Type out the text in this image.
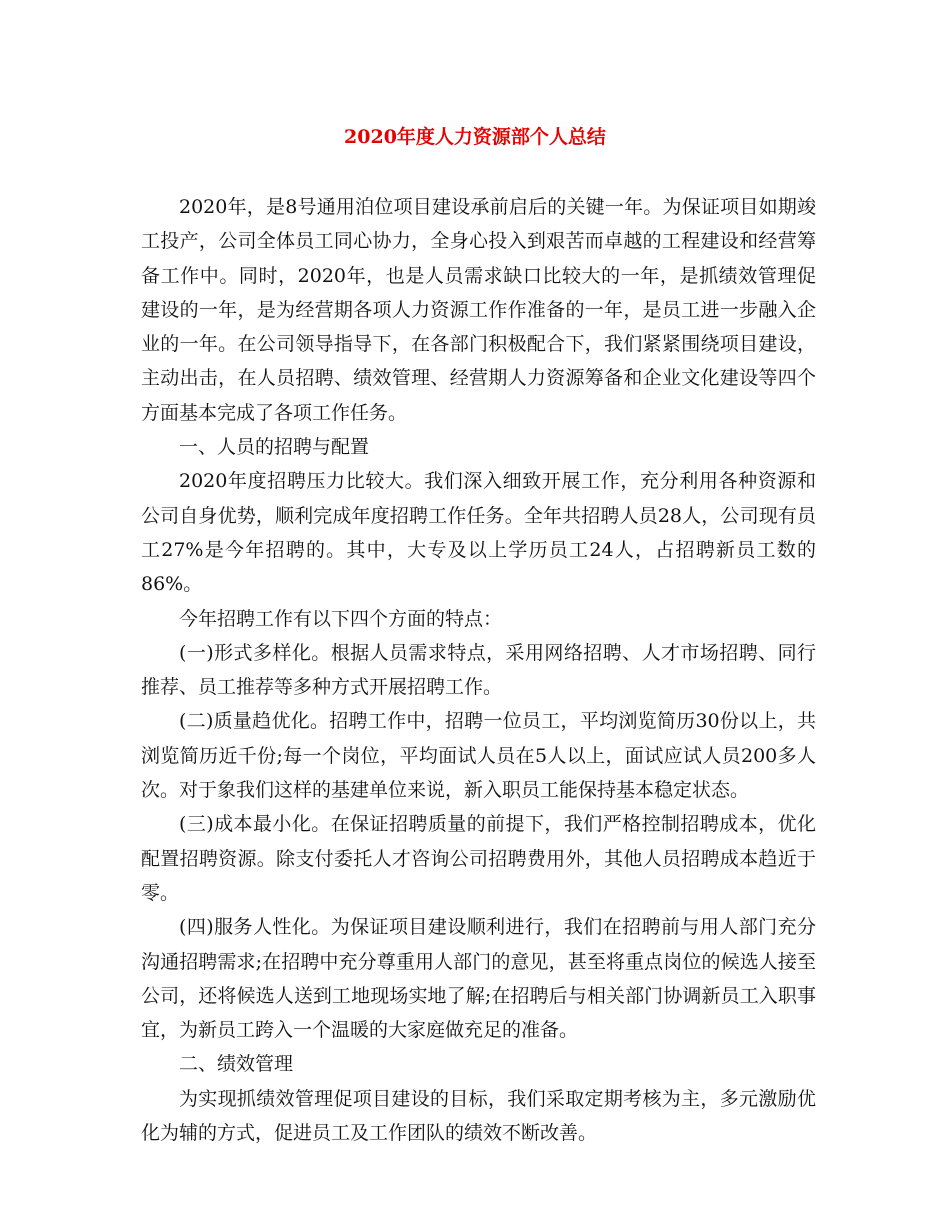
2020年度人力资源部个人总结

2020年，是8号通用泊位项目建设承前启后的关键一年。为保证项目如期竣工投产，公司全体员工同心协力，全身心投入到艰苦而卓越的工程建设和经营筹备工作中。同时，2020年，也是人员需求缺口比较大的一年，是抓绩效管理促建设的一年，是为经营期各项人力资源工作作准备的一年，是员工进一步融入企业的一年。在公司领导指导下，在各部门积极配合下，我们紧紧围绕项目建设，主动出击，在人员招聘、绩效管理、经营期人力资源筹备和企业文化建设等四个方面基本完成了各项工作任务。

一、人员的招聘与配置

2020年度招聘压力比较大。我们深入细致开展工作，充分利用各种资源和公司自身优势，顺利完成年度招聘工作任务。全年共招聘人员28人，公司现有员工27%是今年招聘的。其中，大专及以上学历员工24人，占招聘新员工数的86%。

今年招聘工作有以下四个方面的特点：

(一)形式多样化。根据人员需求特点，采用网络招聘、人才市场招聘、同行推荐、员工推荐等多种方式开展招聘工作。

(二)质量趋优化。招聘工作中，招聘一位员工，平均浏览简历30份以上，共浏览简历近千份;每一个岗位，平均面试人员在5人以上，面试应试人员200多人次。对于象我们这样的基建单位来说，新入职员工能保持基本稳定状态。

(三)成本最小化。在保证招聘质量的前提下，我们严格控制招聘成本，优化配置招聘资源。除支付委托人才咨询公司招聘费用外，其他人员招聘成本趋近于零。

(四)服务人性化。为保证项目建设顺利进行，我们在招聘前与用人部门充分沟通招聘需求;在招聘中充分尊重用人部门的意见，甚至将重点岗位的候选人接至公司，还将候选人送到工地现场实地了解;在招聘后与相关部门协调新员工入职事宜，为新员工跨入一个温暖的大家庭做充足的准备。

二、绩效管理

为实现抓绩效管理促项目建设的目标，我们采取定期考核为主，多元激励优化为辅的方式，促进员工及工作团队的绩效不断改善。
